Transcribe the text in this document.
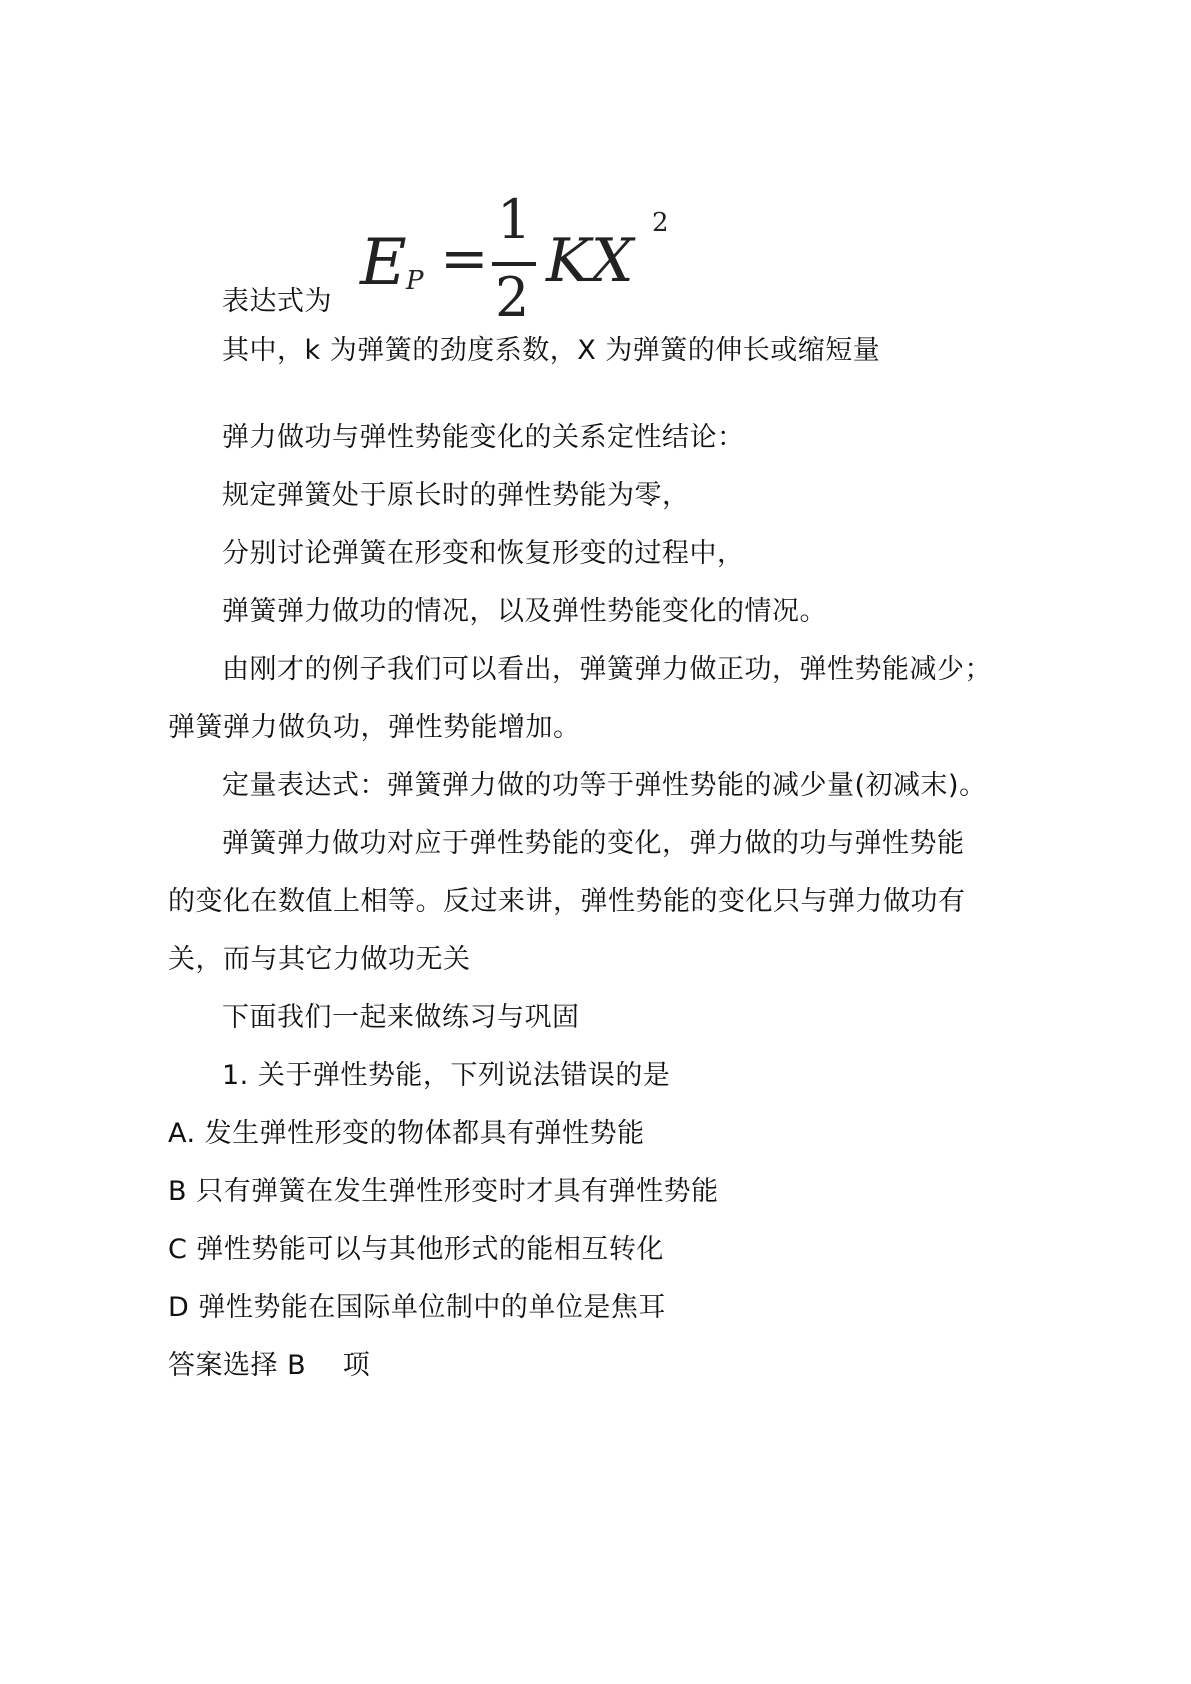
E P =
1
2
KX
2
表达式为
其中，k 为弹簧的劲度系数，X 为弹簧的伸长或缩短量
弹力做功与弹性势能变化的关系定性结论：
规定弹簧处于原长时的弹性势能为零，
分别讨论弹簧在形变和恢复形变的过程中，
弹簧弹力做功的情况，以及弹性势能变化的情况。
由刚才的例子我们可以看出，弹簧弹力做正功，弹性势能减少；
弹簧弹力做负功，弹性势能增加。
定量表达式：弹簧弹力做的功等于弹性势能的减少量(初减末)。
弹簧弹力做功对应于弹性势能的变化，弹力做的功与弹性势能
的变化在数值上相等。反过来讲，弹性势能的变化只与弹力做功有
关，而与其它力做功无关
下面我们一起来做练习与巩固
1. 关于弹性势能，下列说法错误的是
A. 发生弹性形变的物体都具有弹性势能
B 只有弹簧在发生弹性形变时才具有弹性势能
C 弹性势能可以与其他形式的能相互转化
D 弹性势能在国际单位制中的单位是焦耳
答案选择 B　 项
